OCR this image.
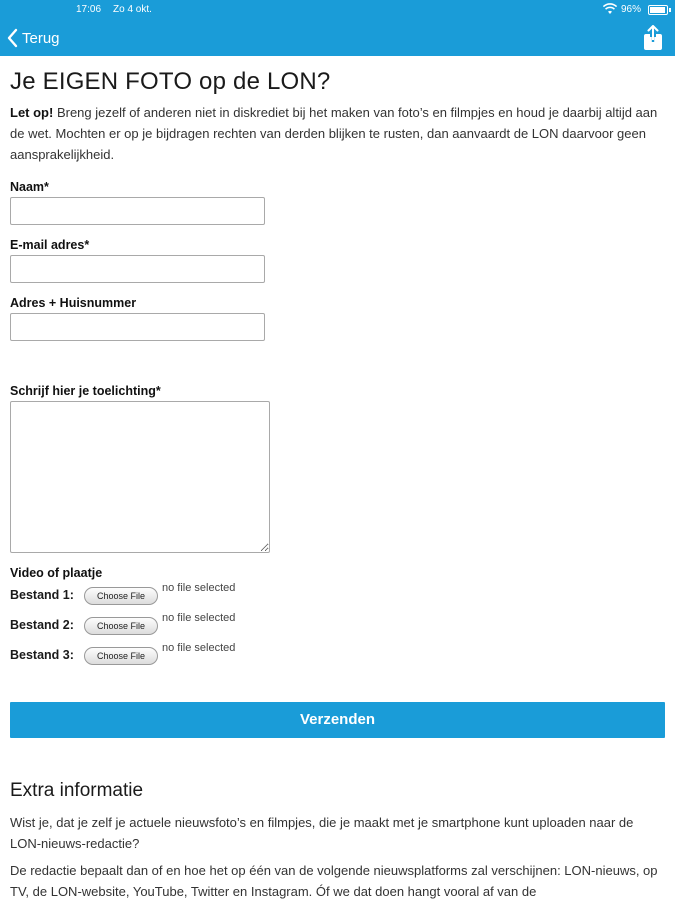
17:06 Zo 4 okt.	96%
Terug
Je EIGEN FOTO op de LON?

Let op! Breng jezelf of anderen niet in diskrediet bij het maken van foto’s en filmpjes en houd je daarbij altijd aan de wet. Mochten er op je bijdragen rechten van derden blijken te rusten, dan aanvaardt de LON daarvoor geen aansprakelijkheid.

Naam*
E-mail adres*
Adres + Huisnummer
Schrijf hier je toelichting*
Video of plaatje
Bestand 1:	Choose File
no file selected
Bestand 2:	Choose File
no file selected
Bestand 3:	Choose File
no file selected
Verzenden
Extra informatie

Wist je, dat je zelf je actuele nieuwsfoto’s en filmpjes, die je maakt met je smartphone kunt uploaden naar de LON-nieuws-redactie?

De redactie bepaalt dan of en hoe het op één van de volgende nieuwsplatforms zal verschijnen: LON-nieuws, op TV, de LON-website, YouTube, Twitter en Instagram. Óf we dat doen hangt vooral af van de
